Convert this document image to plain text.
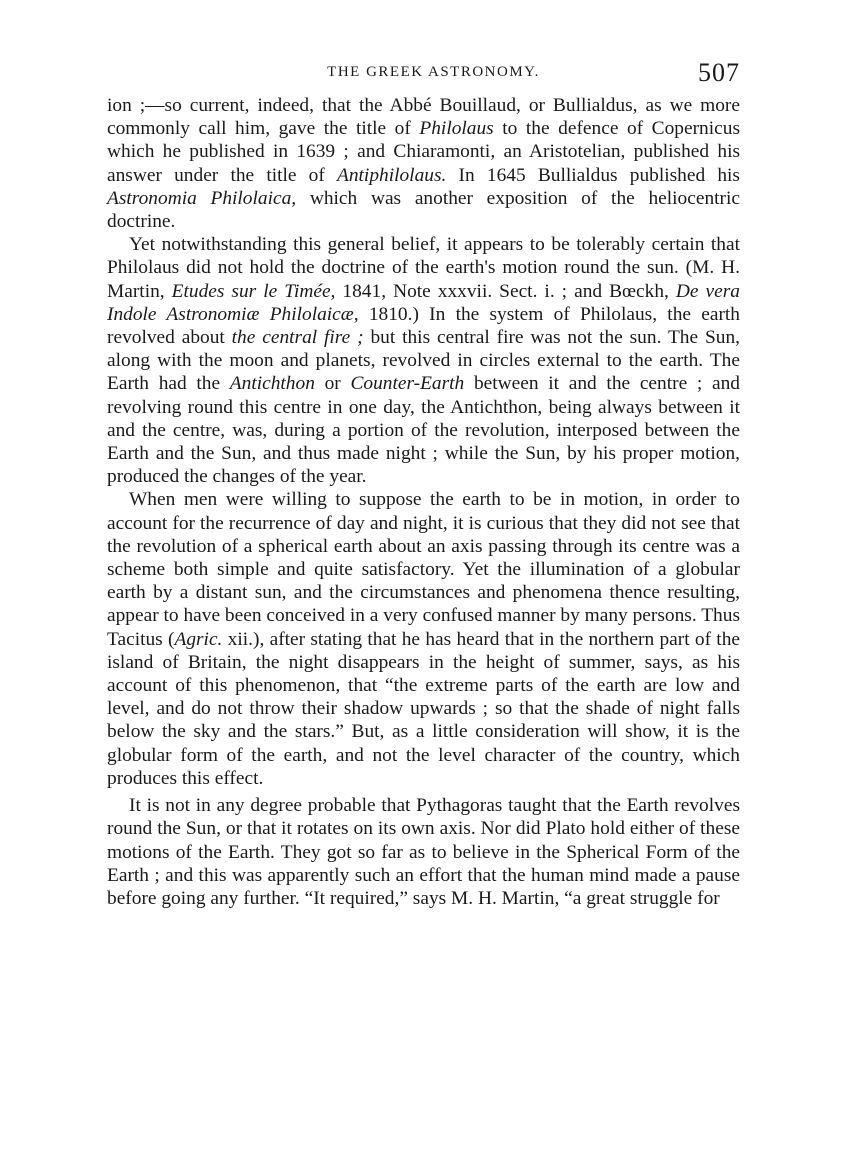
THE GREEK ASTRONOMY.	507

ion ;—so current, indeed, that the Abbé Bouillaud, or Bullialdus, as we more commonly call him, gave the title of Philolaus to the defence of Copernicus which he published in 1639 ; and Chiaramonti, an Aristotelian, published his answer under the title of Antiphilolaus. In 1645 Bullialdus published his Astronomia Philolaica, which was another exposition of the heliocentric doctrine.

Yet notwithstanding this general belief, it appears to be tolerably certain that Philolaus did not hold the doctrine of the earth's motion round the sun. (M. H. Martin, Etudes sur le Timée, 1841, Note xxxvii. Sect. i. ; and Bœckh, De vera Indole Astronomiæ Philolaicæ, 1810.) In the system of Philolaus, the earth revolved about the central fire ; but this central fire was not the sun. The Sun, along with the moon and planets, revolved in circles external to the earth. The Earth had the Antichthon or Counter-Earth between it and the centre ; and revolving round this centre in one day, the Antichthon, being always between it and the centre, was, during a portion of the revolution, interposed between the Earth and the Sun, and thus made night ; while the Sun, by his proper motion, produced the changes of the year.

When men were willing to suppose the earth to be in motion, in order to account for the recurrence of day and night, it is curious that they did not see that the revolution of a spherical earth about an axis passing through its centre was a scheme both simple and quite satisfactory. Yet the illumination of a globular earth by a distant sun, and the circumstances and phenomena thence resulting, appear to have been conceived in a very confused manner by many persons. Thus Tacitus (Agric. xii.), after stating that he has heard that in the northern part of the island of Britain, the night disappears in the height of summer, says, as his account of this phenomenon, that “the extreme parts of the earth are low and level, and do not throw their shadow upwards ; so that the shade of night falls below the sky and the stars.” But, as a little consideration will show, it is the globular form of the earth, and not the level character of the country, which produces this effect.

It is not in any degree probable that Pythagoras taught that the Earth revolves round the Sun, or that it rotates on its own axis. Nor did Plato hold either of these motions of the Earth. They got so far as to believe in the Spherical Form of the Earth ; and this was apparently such an effort that the human mind made a pause before going any further. “It required,” says M. H. Martin, “a great struggle for
